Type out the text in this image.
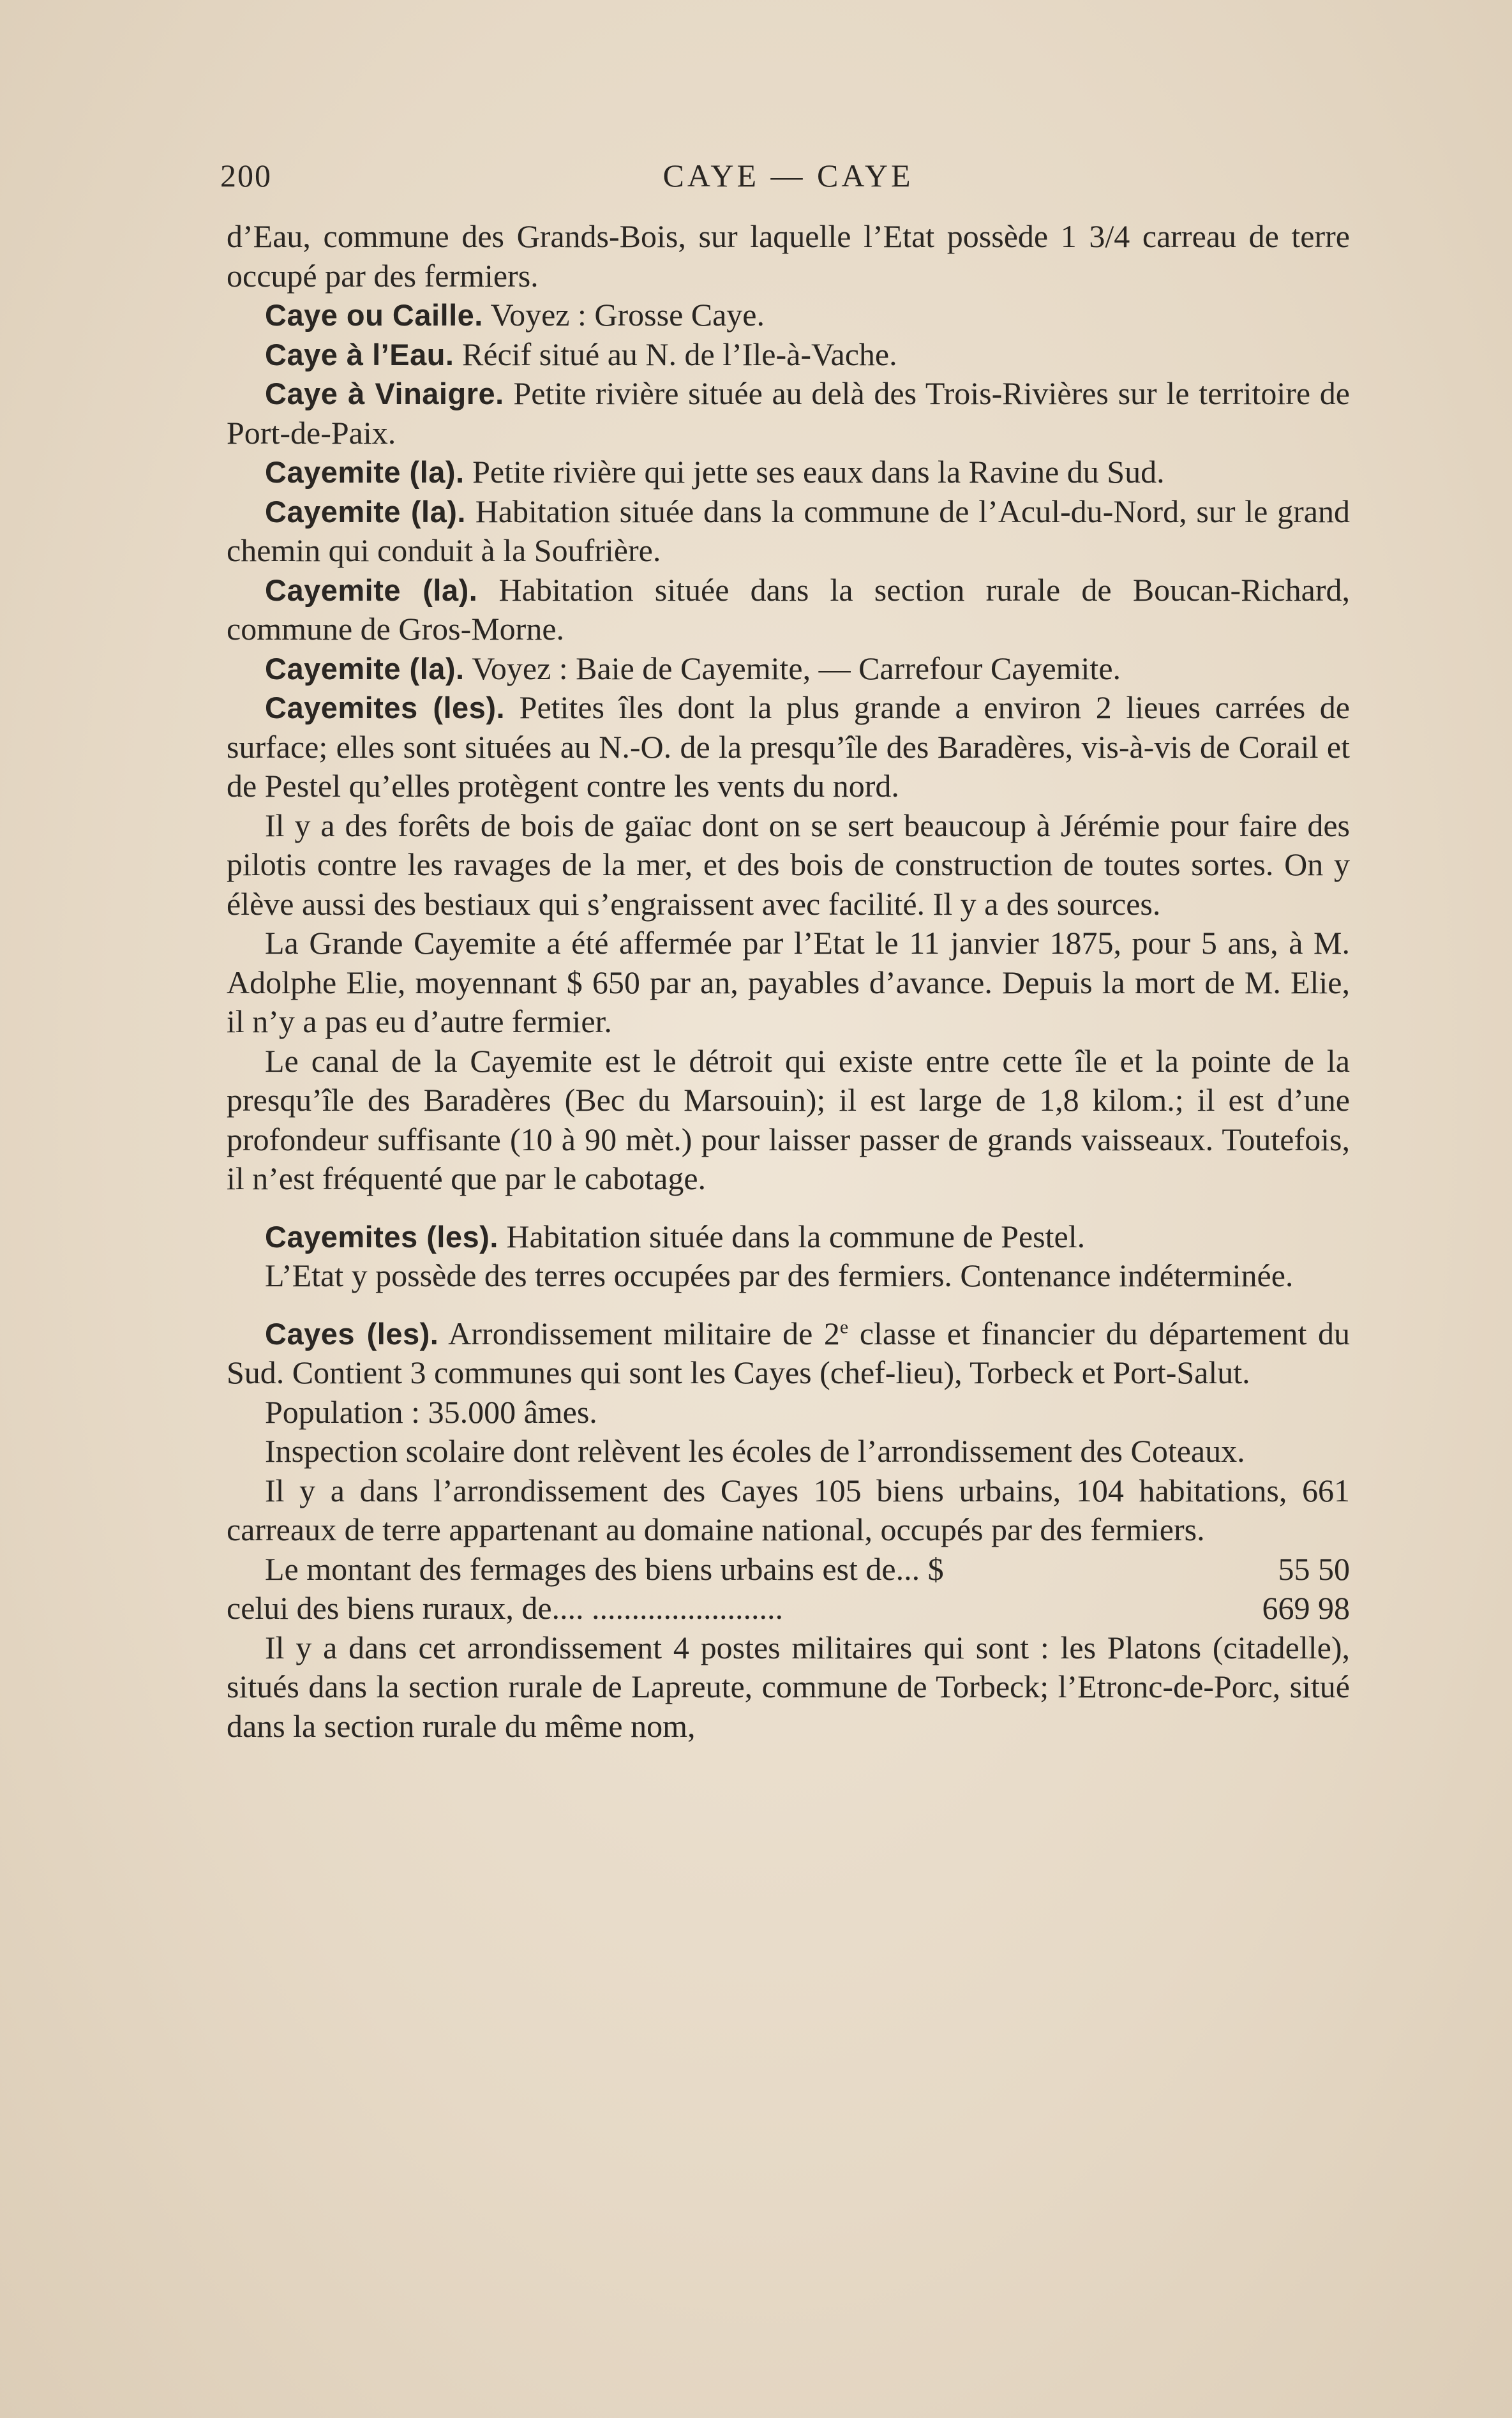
200	CAYE — CAYE

d’Eau, commune des Grands-Bois, sur laquelle l’Etat possède 1 3/4 carreau de terre occupé par des fermiers.

Caye ou Caille. Voyez : Grosse Caye.

Caye à l’Eau. Récif situé au N. de l’Ile-à-Vache.

Caye à Vinaigre. Petite rivière située au delà des Trois-Rivières sur le territoire de Port-de-Paix.

Cayemite (la). Petite rivière qui jette ses eaux dans la Ravine du Sud.

Cayemite (la). Habitation située dans la commune de l’Acul-du-Nord, sur le grand chemin qui conduit à la Soufrière.

Cayemite (la). Habitation située dans la section rurale de Boucan-Richard, commune de Gros-Morne.

Cayemite (la). Voyez : Baie de Cayemite, — Carrefour Cayemite.

Cayemites (les). Petites îles dont la plus grande a environ 2 lieues carrées de surface; elles sont situées au N.-O. de la presqu’île des Baradères, vis-à-vis de Corail et de Pestel qu’elles protègent contre les vents du nord.

Il y a des forêts de bois de gaïac dont on se sert beaucoup à Jérémie pour faire des pilotis contre les ravages de la mer, et des bois de construction de toutes sortes. On y élève aussi des bestiaux qui s’engraissent avec facilité. Il y a des sources.

La Grande Cayemite a été affermée par l’Etat le 11 janvier 1875, pour 5 ans, à M. Adolphe Elie, moyennant $ 650 par an, payables d’avance. Depuis la mort de M. Elie, il n’y a pas eu d’autre fermier.

Le canal de la Cayemite est le détroit qui existe entre cette île et la pointe de la presqu’île des Baradères (Bec du Marsouin); il est large de 1,8 kilom.; il est d’une profondeur suffisante (10 à 90 mèt.) pour laisser passer de grands vaisseaux. Toutefois, il n’est fréquenté que par le cabotage.

Cayemites (les). Habitation située dans la commune de Pestel.

L’Etat y possède des terres occupées par des fermiers. Contenance indéterminée.

Cayes (les). Arrondissement militaire de 2e classe et financier du département du Sud. Contient 3 communes qui sont les Cayes (chef-lieu), Torbeck et Port-Salut.

Population : 35.000 âmes.

Inspection scolaire dont relèvent les écoles de l’arrondissement des Coteaux.

Il y a dans l’arrondissement des Cayes 105 biens urbains, 104 habitations, 661 carreaux de terre appartenant au domaine national, occupés par des fermiers.

Le montant des fermages des biens urbains est de... $	55 50
celui des biens ruraux, de.... ........................	669 98

Il y a dans cet arrondissement 4 postes militaires qui sont : les Platons (citadelle), situés dans la section rurale de Lapreute, commune de Torbeck; l’Etronc-de-Porc, situé dans la section rurale du même nom,
